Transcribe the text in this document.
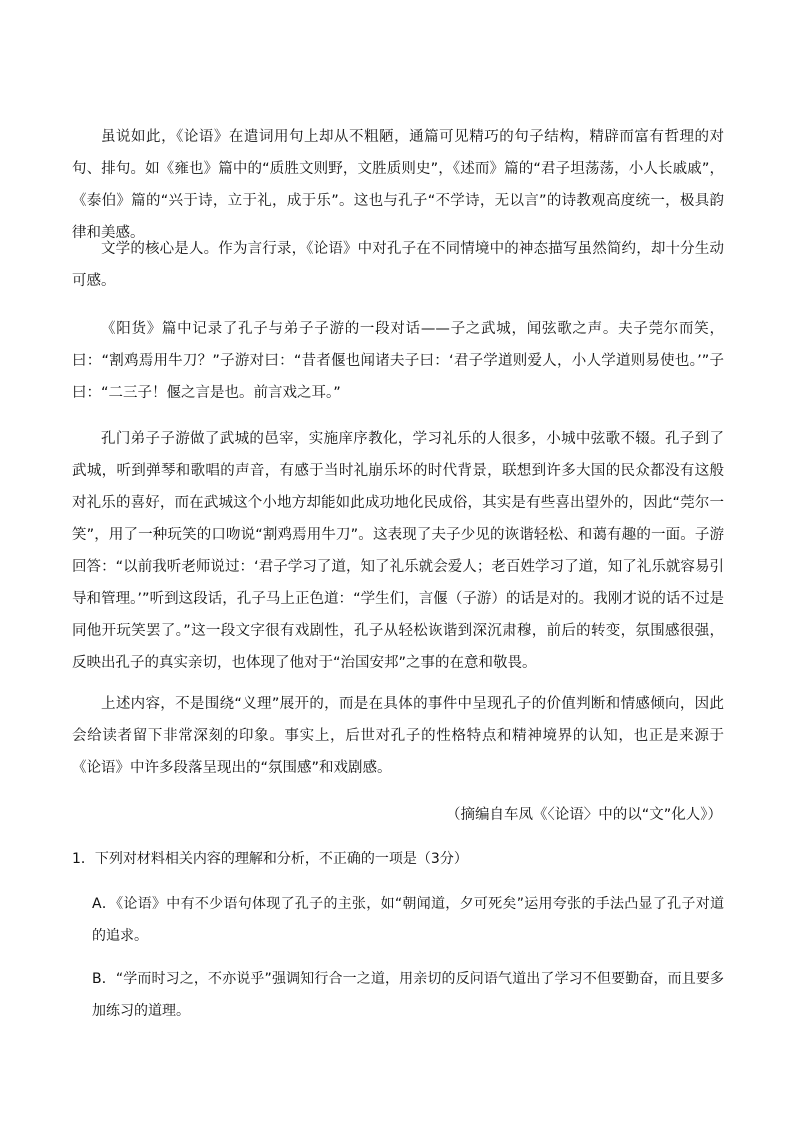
虽说如此，《论语》在遣词用句上却从不粗陋，通篇可见精巧的句子结构，精辟而富有哲理的对句、排句。如《雍也》篇中的“质胜文则野，文胜质则史”，《述而》篇的“君子坦荡荡，小人长戚戚”，《泰伯》篇的“兴于诗，立于礼，成于乐”。这也与孔子“不学诗，无以言”的诗教观高度统一，极具韵律和美感。

文学的核心是人。作为言行录，《论语》中对孔子在不同情境中的神态描写虽然简约，却十分生动可感。

《阳货》篇中记录了孔子与弟子子游的一段对话——子之武城，闻弦歌之声。夫子莞尔而笑，曰：“割鸡焉用牛刀？”子游对曰：“昔者偃也闻诸夫子曰：‘君子学道则爱人，小人学道则易使也。’”子曰：“二三子！偃之言是也。前言戏之耳。”

孔门弟子子游做了武城的邑宰，实施庠序教化，学习礼乐的人很多，小城中弦歌不辍。孔子到了武城，听到弹琴和歌唱的声音，有感于当时礼崩乐坏的时代背景，联想到许多大国的民众都没有这般对礼乐的喜好，而在武城这个小地方却能如此成功地化民成俗，其实是有些喜出望外的，因此“莞尔一笑”，用了一种玩笑的口吻说“割鸡焉用牛刀”。这表现了夫子少见的诙谐轻松、和蔼有趣的一面。子游回答：“以前我听老师说过：‘君子学习了道，知了礼乐就会爱人；老百姓学习了道，知了礼乐就容易引导和管理。’”听到这段话，孔子马上正色道：“学生们，言偃（子游）的话是对的。我刚才说的话不过是同他开玩笑罢了。”这一段文字很有戏剧性，孔子从轻松诙谐到深沉肃穆，前后的转变，氛围感很强，反映出孔子的真实亲切，也体现了他对于“治国安邦”之事的在意和敬畏。

上述内容，不是围绕“义理”展开的，而是在具体的事件中呈现孔子的价值判断和情感倾向，因此会给读者留下非常深刻的印象。事实上，后世对孔子的性格特点和精神境界的认知，也正是来源于《论语》中许多段落呈现出的“氛围感”和戏剧感。

（摘编自车凤《〈论语〉中的以“文”化人》）

1．下列对材料相关内容的理解和分析，不正确的一项是（3分）

A．《论语》中有不少语句体现了孔子的主张，如“朝闻道，夕可死矣”运用夸张的手法凸显了孔子对道的追求。

B．“学而时习之，不亦说乎”强调知行合一之道，用亲切的反问语气道出了学习不但要勤奋，而且要多加练习的道理。
